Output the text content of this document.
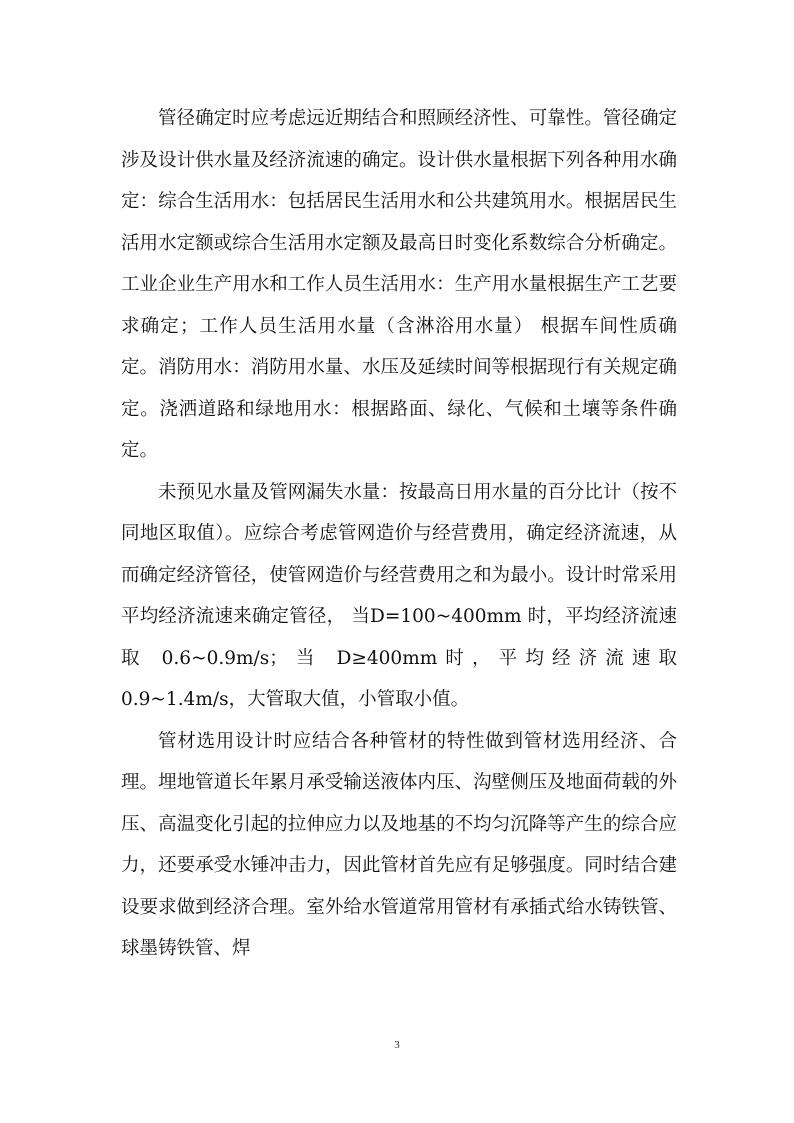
管径确定时应考虑远近期结合和照顾经济性、可靠性。管径确定涉及设计供水量及经济流速的确定。设计供水量根据下列各种用水确定：综合生活用水：包括居民生活用水和公共建筑用水。根据居民生活用水定额或综合生活用水定额及最高日时变化系数综合分析确定。工业企业生产用水和工作人员生活用水：生产用水量根据生产工艺要求确定；工作人员生活用水量（含淋浴用水量） 根据车间性质确定。消防用水：消防用水量、水压及延续时间等根据现行有关规定确定。浇洒道路和绿地用水：根据路面、绿化、气候和土壤等条件确定。

未预见水量及管网漏失水量：按最高日用水量的百分比计（按不同地区取值）。应综合考虑管网造价与经营费用，确定经济流速，从而确定经济管径，使管网造价与经营费用之和为最小。设计时常采用平均经济流速来确定管径， 当D=100~400mm 时，平均经济流速取 0.6~0.9m/s；当 D≥400mm时，平均经济流速取 0.9~1.4m/s，大管取大值，小管取小值。

管材选用设计时应结合各种管材的特性做到管材选用经济、合理。埋地管道长年累月承受输送液体内压、沟壁侧压及地面荷载的外压、高温变化引起的拉伸应力以及地基的不均匀沉降等产生的综合应力，还要承受水锤冲击力，因此管材首先应有足够强度。同时结合建设要求做到经济合理。室外给水管道常用管材有承插式给水铸铁管、球墨铸铁管、焊

3
